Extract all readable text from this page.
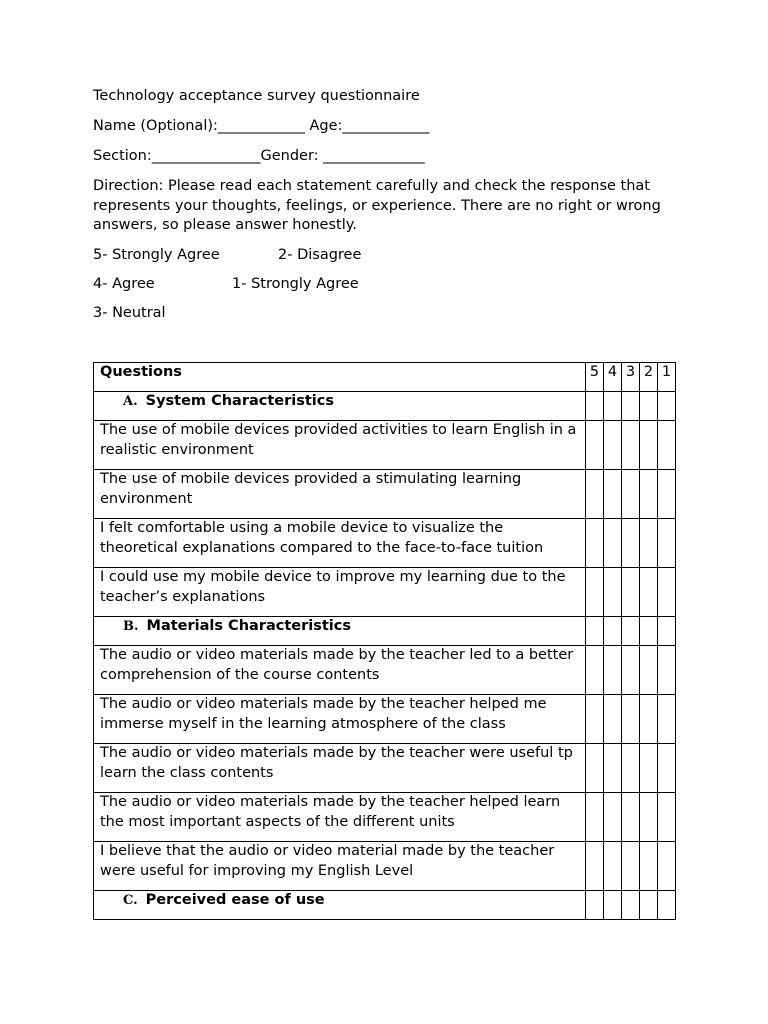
Technology acceptance survey questionnaire

Name (Optional):____________ Age:____________

Section:_______________Gender: ______________

Direction: Please read each statement carefully and check the response that represents your thoughts, feelings, or experience. There are no right or wrong answers, so please answer honestly.

5- Strongly Agree	2- Disagree
4- Agree	1- Strongly Agree
3- Neutral
Questions	5	4	3	2	1
A. System Characteristics					
The use of mobile devices provided activities to learn English in a realistic environment					
The use of mobile devices provided a stimulating learning environment					
I felt comfortable using a mobile device to visualize the theoretical explanations compared to the face-to-face tuition					
I could use my mobile device to improve my learning due to the teacher’s explanations					
B. Materials Characteristics					
The audio or video materials made by the teacher led to a better comprehension of the course contents					
The audio or video materials made by the teacher helped me immerse myself in the learning atmosphere of the class					
The audio or video materials made by the teacher were useful tp learn the class contents					
The audio or video materials made by the teacher helped learn the most important aspects of the different units					
I believe that the audio or video material made by the teacher were useful for improving my English Level					
C. Perceived ease of use					
